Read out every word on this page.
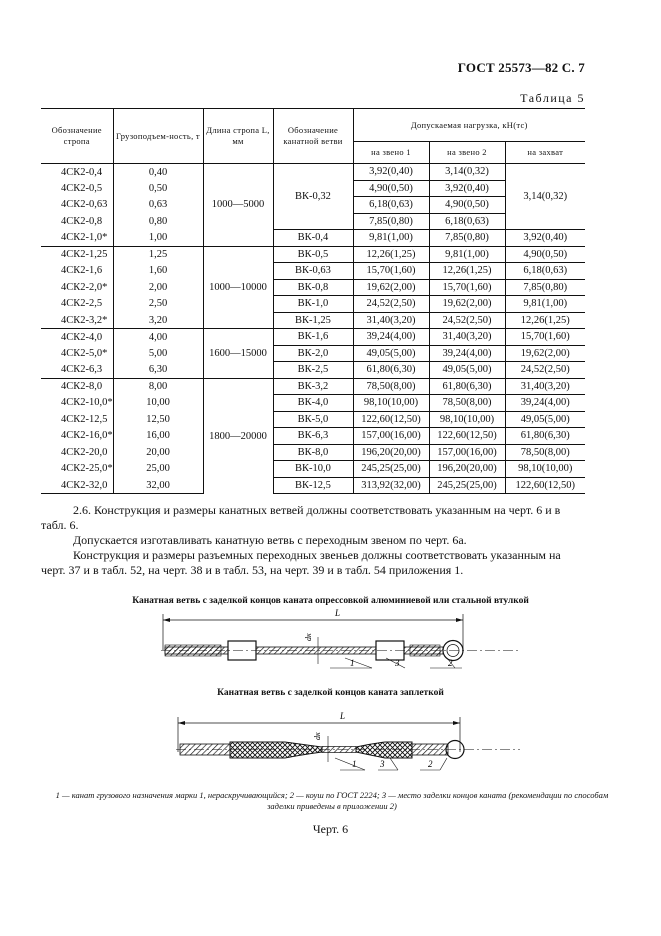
ГОСТ 25573—82 С. 7
Таблица 5
Обозначение стропа	Грузоподъем-ность, т	Длина стропа L, мм	Обозначение канатной ветви	Допускаемая нагрузка, кН(тс)		
				на звено 1	на звено 2	на захват
4СК2-0,4	0,40	1000—5000	ВК-0,32	3,92(0,40)	3,14(0,32)	3,14(0,32)
4СК2-0,5	0,50			4,90(0,50)	3,92(0,40)	
4СК2-0,63	0,63			6,18(0,63)	4,90(0,50)	
4СК2-0,8	0,80			7,85(0,80)	6,18(0,63)	
4СК2-1,0*	1,00		ВК-0,4	9,81(1,00)	7,85(0,80)	3,92(0,40)
4СК2-1,25	1,25	1000—10000	ВК-0,5	12,26(1,25)	9,81(1,00)	4,90(0,50)
4СК2-1,6	1,60		ВК-0,63	15,70(1,60)	12,26(1,25)	6,18(0,63)
4СК2-2,0*	2,00		ВК-0,8	19,62(2,00)	15,70(1,60)	7,85(0,80)
4СК2-2,5	2,50		ВК-1,0	24,52(2,50)	19,62(2,00)	9,81(1,00)
4СК2-3,2*	3,20		ВК-1,25	31,40(3,20)	24,52(2,50)	12,26(1,25)
4СК2-4,0	4,00	1600—15000	ВК-1,6	39,24(4,00)	31,40(3,20)	15,70(1,60)
4СК2-5,0*	5,00		ВК-2,0	49,05(5,00)	39,24(4,00)	19,62(2,00)
4СК2-6,3	6,30		ВК-2,5	61,80(6,30)	49,05(5,00)	24,52(2,50)
4СК2-8,0	8,00	1800—20000	ВК-3,2	78,50(8,00)	61,80(6,30)	31,40(3,20)
4СК2-10,0*	10,00		ВК-4,0	98,10(10,00)	78,50(8,00)	39,24(4,00)
4СК2-12,5	12,50		ВК-5,0	122,60(12,50)	98,10(10,00)	49,05(5,00)
4СК2-16,0*	16,00		ВК-6,3	157,00(16,00)	122,60(12,50)	61,80(6,30)
4СК2-20,0	20,00		ВК-8,0	196,20(20,00)	157,00(16,00)	78,50(8,00)
4СК2-25,0*	25,00		ВК-10,0	245,25(25,00)	196,20(20,00)	98,10(10,00)
4СК2-32,0	32,00		ВК-12,5	313,92(32,00)	245,25(25,00)	122,60(12,50)
2.6. Конструкция и размеры канатных ветвей должны соответствовать указанным на черт. 6 и в табл. 6.
Допускается изготавливать канатную ветвь с переходным звеном по черт. 6а.
Конструкция и размеры разъемных переходных звеньев должны соответствовать указанным на черт. 37 и в табл. 52, на черт. 38 и в табл. 53, на черт. 39 и в табл. 54 приложения 1.
Канатная ветвь с заделкой концов каната опрессовкой алюминиевой или стальной втулкой
Канатная ветвь с заделкой концов каната заплеткой
L
dк
1	3	2
L
dк
1	3	2
1 — канат грузового назначения марки 1, нераскручивающийся; 2 — коуш по ГОСТ 2224; 3 — место заделки концов каната (рекомендации по способам заделки приведены в приложении 2)
Черт. 6
